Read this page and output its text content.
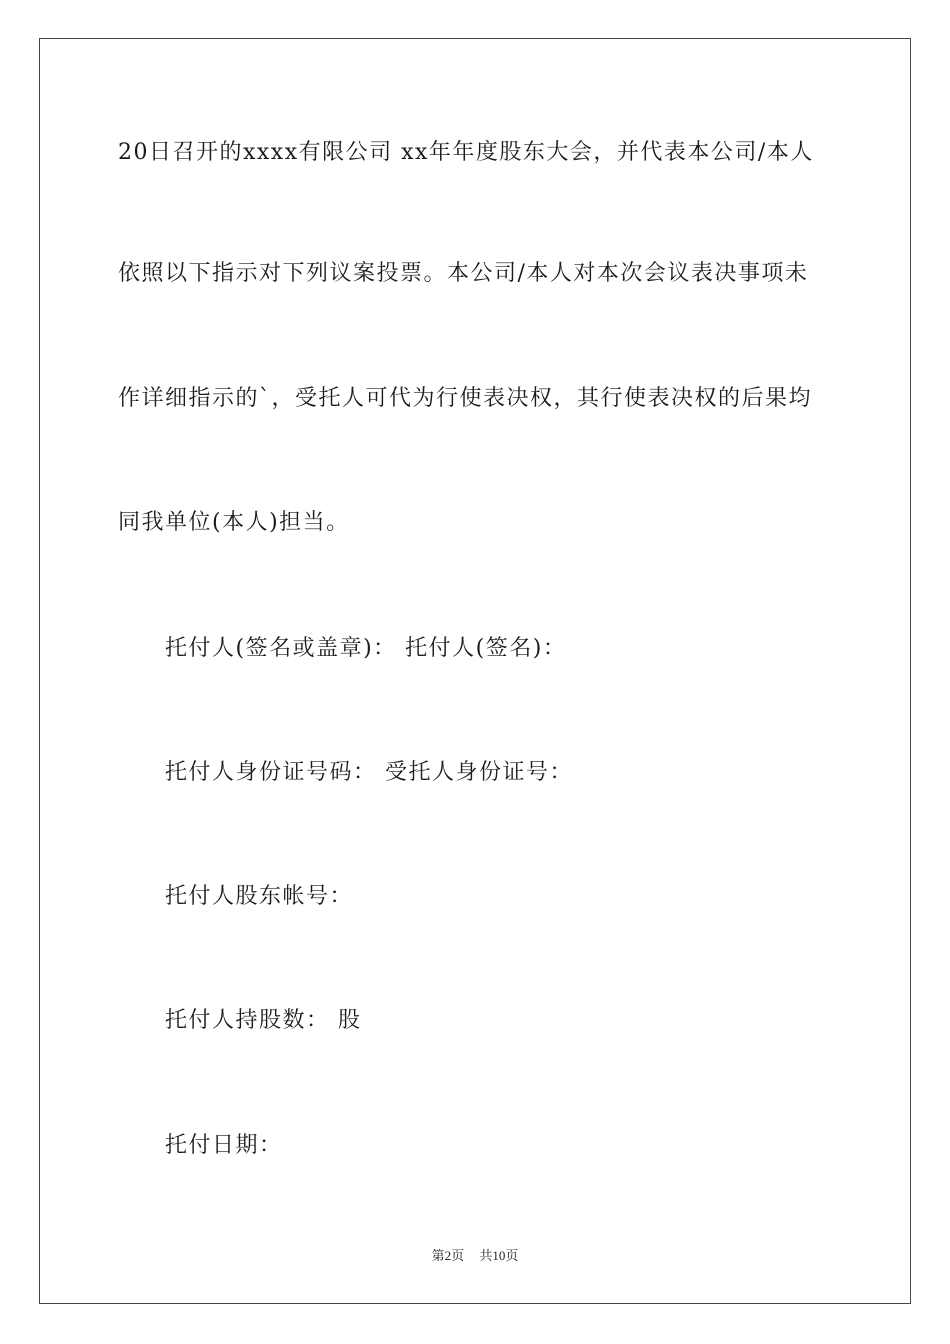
20日召开的xxxx有限公司 xx年年度股东大会，并代表本公司/本人
依照以下指示对下列议案投票。本公司/本人对本次会议表决事项未
作详细指示的`，受托人可代为行使表决权，其行使表决权的后果均
同我单位(本人)担当。
托付人(签名或盖章)： 托付人(签名)：
托付人身份证号码： 受托人身份证号：
托付人股东帐号：
托付人持股数： 股
托付日期：
第2页 共10页
